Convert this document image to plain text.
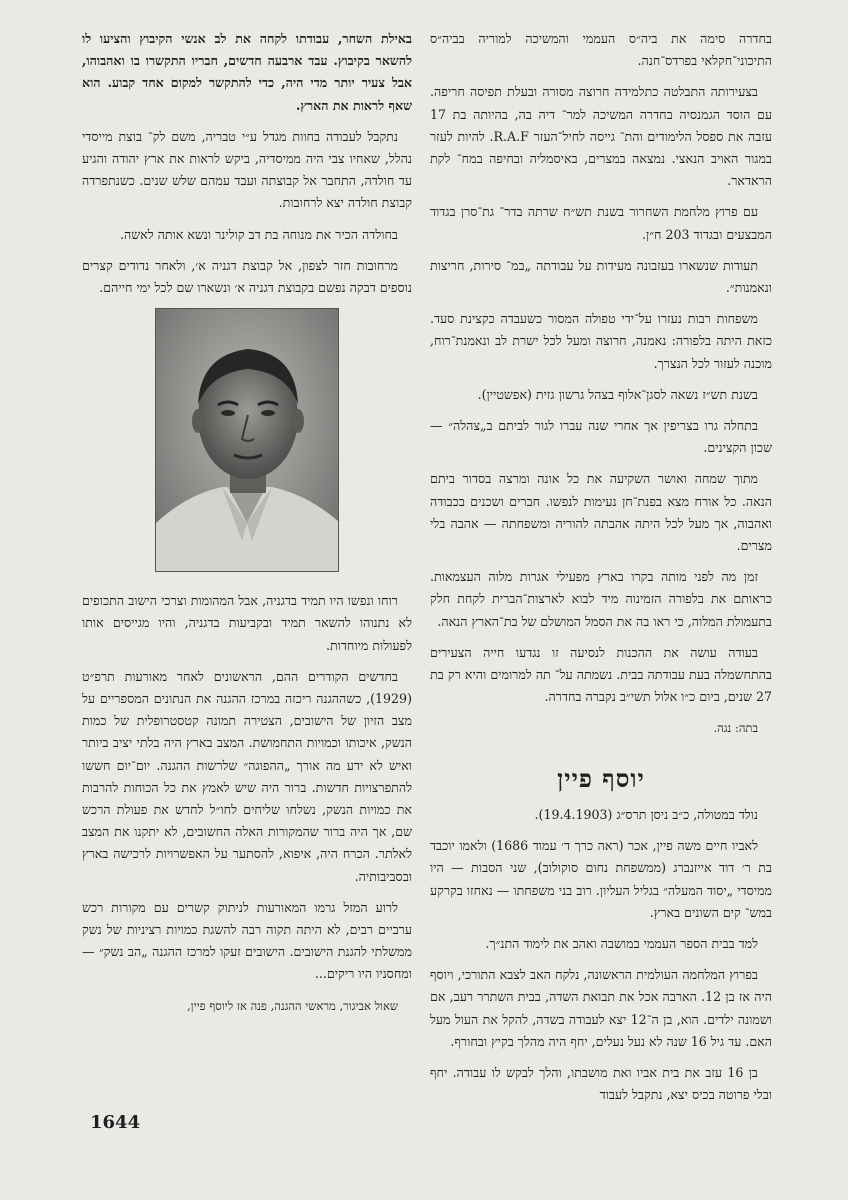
בחדרה סימה את ביה״ס העממי והמשיכה למוריה בביה״ס התיכוני־חקלאי בפרדס־חנה.

בצעירותה התבלטה כתלמידה חרוצה מסורה ובעלת תפיסה חריפה. עם הוסד הגמנסיה בחדרה המשיכה למר־ דיה בה, בהיותה בת 17 עזבה את ספסל הלימודים והת־ גייסה לחיל־העזר R.A.F. להיות לעזר במגור האויב הנאצי. נמצאה במצרים, באיסמליה ובחיפה במח־ לקת הראדאר.

עם פרוץ מלחמת השחרור בשנת תש״ח שרתה בדר־ גת־סרן בגדוד המבצעים ובגדוד 203 ח״ן.

תעודות שנשארו בעזבונה מעידות על עבודתה „במ־ סירות, חריצות ונאמנות״.

משפחות רבות נעזרו על־ידי טפולה המסור כשעבדה כקצינת סעד. כזאת היתה בלפורה: נאמנה, חרוצה ומעל לכל ישרת לב ונאמנת־רוח, מוכנה לעזור לכל הנצרך.

בשנת תש״ז נשאה לסגן־אלוף בצהל גרשון גזית (אפשטיין).

בתחלה גרו בצריפין אך אחרי שנה עברו לגור לביתם ב„צהלה״ — שכון הקצינים.

מתוך שמחה ואושר השקיעה את כל אונה ומרצה בסדור ביתם הנאה. כל אורח מצא בפנת־חן נעימות לנפשו. חברים ושכנים בכבודה ואהבוה, אך מעל לכל היתה אהבתה להוריה ומשפחתה — אהבה בלי מצרים.

זמן מה לפני מותה בקרו בארץ מפעילי אגרות מלוה העצמאות. כראותם את בלפורה הזמינוה מיד לבוא לארצות־הברית לקחת חלק בתעמולת המלוה, כי ראו בה את הסמל המושלם של בת־הארץ הנאה.

בעודה עושה את ההכנות לנסיעה זו נגדעו חייה הצעירים בהתחשמלה בעת עבודתה בבית. נשמתה על־ תה למרומים והיא רק בת 27 שנים, ביום כ״ו אלול תשי״ב נקברה בחדרה.

בתה: נגה.

יוסף פיין

נולד במטולה, כ״ב ניסן תרס״ג (19.4.1903).

לאביו חיים משה פיין, אכר (ראה כרך ד׳ עמוד 1686) ולאמו יוכבד בת ר׳ דוד אייזנברג (ממשפחת נחום סוקולוב), שני הסבות — היו ממיסדי „יסוד המעלה״ בגליל העליון. רוב בני משפחתו — נאחזו בקרקע במש־ קים השונים בארץ.

למד בבית הספר העממי במושבה ואהב את לימוד התנ״ך.

בפרוץ המלחמה העולמית הראשונה, נלקח האב לצבא התורכי, ויוסף היה אז בן 12. הארבה אכל את תבואת השדה, בבית השתרר רעב, אם ושמונה ילדים. הוא, בן ה־12 יצא לעבודה בשדה, להקל את העול מעל האם. עד גיל 16 שנה לא נעל נעלים, יחף היה מהלך בקיץ ובחורף.

בן 16 עזב את בית אביו ואת מושבתו, והלך לבקש לו עבודה. יחף ובלי פרוטה בכיס יצא, נתקבל לעבוד

באילת השחר, עבודתו לקחה את לב אנשי הקיבוץ והציעו לו להשאר בקיבוץ. עבד ארבעה חדשים, חבריו התקשרו בו ואהבוהו, אבל צעיר יותר מדי היה, כדי להתקשר למקום אחד קבוע. הוא שאף לראות את הארץ.

נתקבל לעבודה בחוות מגדל ע״י טבריה, משם לק־ בוצת מייסדי נהלל, שאחיו צבי היה ממיסדיה, ביקש לראות את ארץ יהודה והגיע עד חולדה, התחבר אל קבוצתה ועבד עמהם שלש שנים. כשנתפרדה קבוצת חולדה יצא לרחובות.

בחולדה הכיר את מנוחה בת דב קולינר ונשא אותה לאשה.

מרחובות חזר לצפון, אל קבוצת דגניה א׳, ולאחר נדודים קצרים נוספים דבקה נפשם בקבוצת דגניה א׳ ונשארו שם לכל ימי חייהם.

רוחו ונפשו היו תמיד בדגניה, אבל המהומות וצרכי הישוב התכופים לא נתנוהו להשאר תמיד ובקביעות בדגניה, והיו מגייסים אותו לפעולות מיוחדות.

בחדשים הקודרים ההם, הראשונים לאחר מאורעות תרפ״ט (1929), כשההגנה ריכזה במרכז ההגנה את הנתונים המספריים על מצב הזיון של הישובים, הצטירה תמונה קטסטרופלית של כמות הנשק, איכותו וכמויות התחמושת. המצב בארץ היה בלתי יציב ביותר ואיש לא ידע מה אורך „ההפוגה״ שלרשות ההגנה. יום־יום חששו להתפרצויות חדשות. ברור היה שיש לאמץ את כל הכוחות להרבות את כמויות הנשק, נשלחו שליחים לחו״ל לחדש את פעולת הרכש שם, אך היה ברור שהמקורות האלה החשובים, לא יתקנו את המצב לאלתר. הכרח היה, איפוא, להסתער על האפשרויות לרכישה בארץ ובסביבותיה.

לרוע המזל גרמו המאורעות לניתוק קשרים עם מקורות רכש ערביים רבים, לא היתה תקוה רבה להשגת כמויות רציניות של נשק ממשלתי להגנת הישובים. הישובים זעקו למרכז ההגנה „הב נשק״ — ומחסניו היו ריקים...

שאול אביגור, מראשי ההגנה, פנה אז ליוסף פיין,

1644
